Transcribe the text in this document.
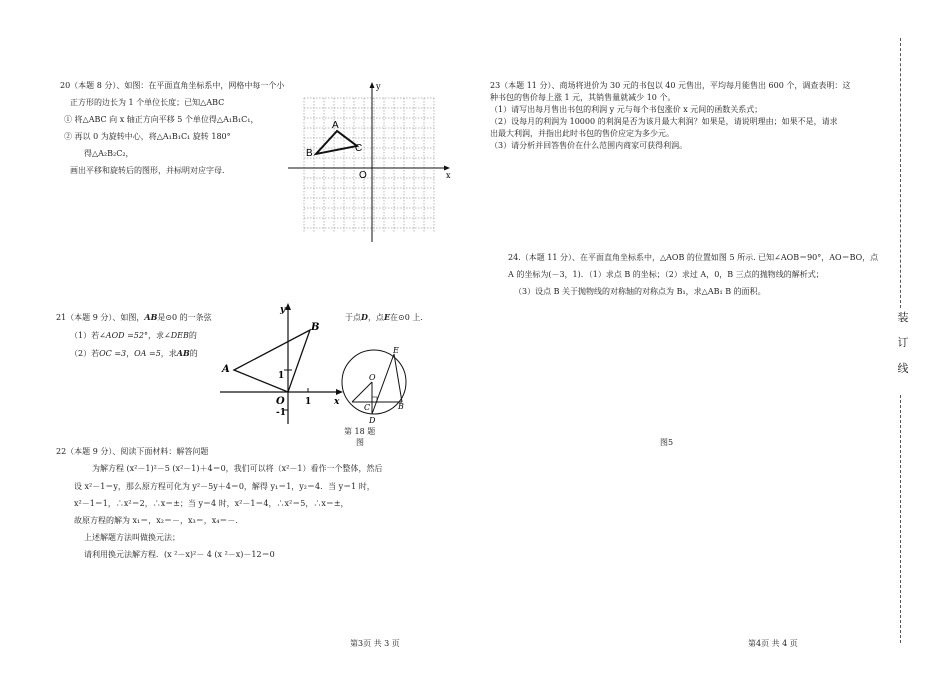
20（本题 8 分）、如图：在平面直角坐标系中，网格中每一个小
正方形的边长为 1 个单位长度；已知△ABC
① 将△ABC 向 x 轴正方向平移 5 个单位得△A₁B₁C₁，
② 再以 0 为旋转中心，将△A₁B₁C₁ 旋转 180°
得△A₂B₂C₂，
画出平移和旋转后的图形，并标明对应字母.
y
x
O
A
B	C
21（本题 9 分）、如图，AB是⊙0 的一条弦	于点D，点E在⊙0 上.
（1）若∠AOD =52°，求∠DEB的
（2）若OC =3，OA =5，求AB的
y
x
A
B
O
1
1
-1
E
O
C	B
D
第 18 题
图
22（本题 9 分）、阅读下面材料：解答问题
为解方程 (x²－1)²－5 (x²－1)＋4＝0，我们可以将（x²－1）看作一个整体，然后
设 x²－1＝y，那么原方程可化为 y²－5y＋4＝0，解得 y₁＝1，y₂＝4．当 y＝1 时，
x²－1＝1，∴x²＝2，∴x＝±；当 y＝4 时，x²－1＝4，∴x²＝5，∴x＝±，
故原方程的解为 x₁＝，x₂＝－，x₃＝，x₄＝－.
上述解题方法叫做换元法；
请利用换元法解方程．(x ²－x)²－ 4 (x ²－x)－12＝0
23（本题 11 分）、商场将进价为 30 元的书包以 40 元售出，平均每月能售出 600 个，调查表明：这
种书包的售价每上涨 1 元，其销售量就减少 10 个。
（1）请写出每月售出书包的利润 y 元与每个书包涨价 x 元间的函数关系式；
（2）设每月的利润为 10000 的利润是否为该月最大利润？如果是，请说明理由；如果不是，请求
出最大利润，并指出此时书包的售价应定为多少元。
（3）请分析并回答售价在什么范围内商家可获得利润。
24.（本题 11 分）、在平面直角坐标系中，△AOB 的位置如图 5 所示. 已知∠AOB＝90°，AO＝BO，点
A 的坐标为(－3，1)．（1）求点 B 的坐标；（2）求过 A，0，B 三点的抛物线的解析式；
（3）设点 B 关于抛物线的对称轴的对称点为 B₁，求△AB₁ B 的面积。
图5
装
订
线
第3页 共 3 页	第4页 共 4 页
